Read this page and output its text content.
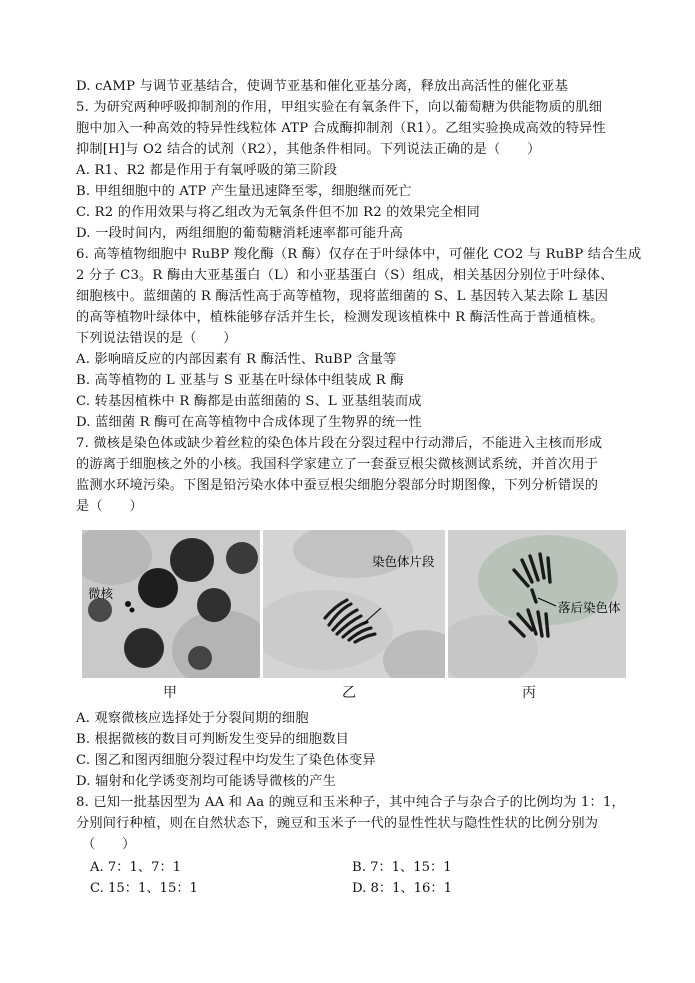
D. cAMP 与调节亚基结合，使调节亚基和催化亚基分离，释放出高活性的催化亚基
5. 为研究两种呼吸抑制剂的作用，甲组实验在有氧条件下，向以葡萄糖为供能物质的肌细
胞中加入一种高效的特异性线粒体 ATP 合成酶抑制剂（R1）。乙组实验换成高效的特异性
抑制[H]与 O2 结合的试剂（R2），其他条件相同。下列说法正确的是（　　）
A. R1、R2 都是作用于有氧呼吸的第三阶段
B. 甲组细胞中的 ATP 产生量迅速降至零，细胞继而死亡
C. R2 的作用效果与将乙组改为无氧条件但不加 R2 的效果完全相同
D. 一段时间内，两组细胞的葡萄糖消耗速率都可能升高
6. 高等植物细胞中 RuBP 羧化酶（R 酶）仅存在于叶绿体中，可催化 CO2 与 RuBP 结合生成
2 分子 C3。R 酶由大亚基蛋白（L）和小亚基蛋白（S）组成，相关基因分别位于叶绿体、
细胞核中。蓝细菌的 R 酶活性高于高等植物，现将蓝细菌的 S、L 基因转入某去除 L 基因
的高等植物叶绿体中，植株能够存活并生长，检测发现该植株中 R 酶活性高于普通植株。
下列说法错误的是（　　）
A. 影响暗反应的内部因素有 R 酶活性、RuBP 含量等
B. 高等植物的 L 亚基与 S 亚基在叶绿体中组装成 R 酶
C. 转基因植株中 R 酶都是由蓝细菌的 S、L 亚基组装而成
D. 蓝细菌 R 酶可在高等植物中合成体现了生物界的统一性
7. 微核是染色体或缺少着丝粒的染色体片段在分裂过程中行动滞后，不能进入主核而形成
的游离于细胞核之外的小核。我国科学家建立了一套蚕豆根尖微核测试系统，并首次用于
监测水环境污染。下图是铅污染水体中蚕豆根尖细胞分裂部分时期图像，下列分析错误的
是（　　）
微核
染色体片段
落后染色体
甲	乙	丙
A. 观察微核应选择处于分裂间期的细胞
B. 根据微核的数目可判断发生变异的细胞数目
C. 图乙和图丙细胞分裂过程中均发生了染色体变异
D. 辐射和化学诱变剂均可能诱导微核的产生
8. 已知一批基因型为 AA 和 Aa 的豌豆和玉米种子，其中纯合子与杂合子的比例均为 1：1，
分别间行种植，则在自然状态下，豌豆和玉米子一代的显性性状与隐性性状的比例分别为
（　　）
A. 7：1、7：1	B. 7：1、15：1
C. 15：1、15：1	D. 8：1、16：1
